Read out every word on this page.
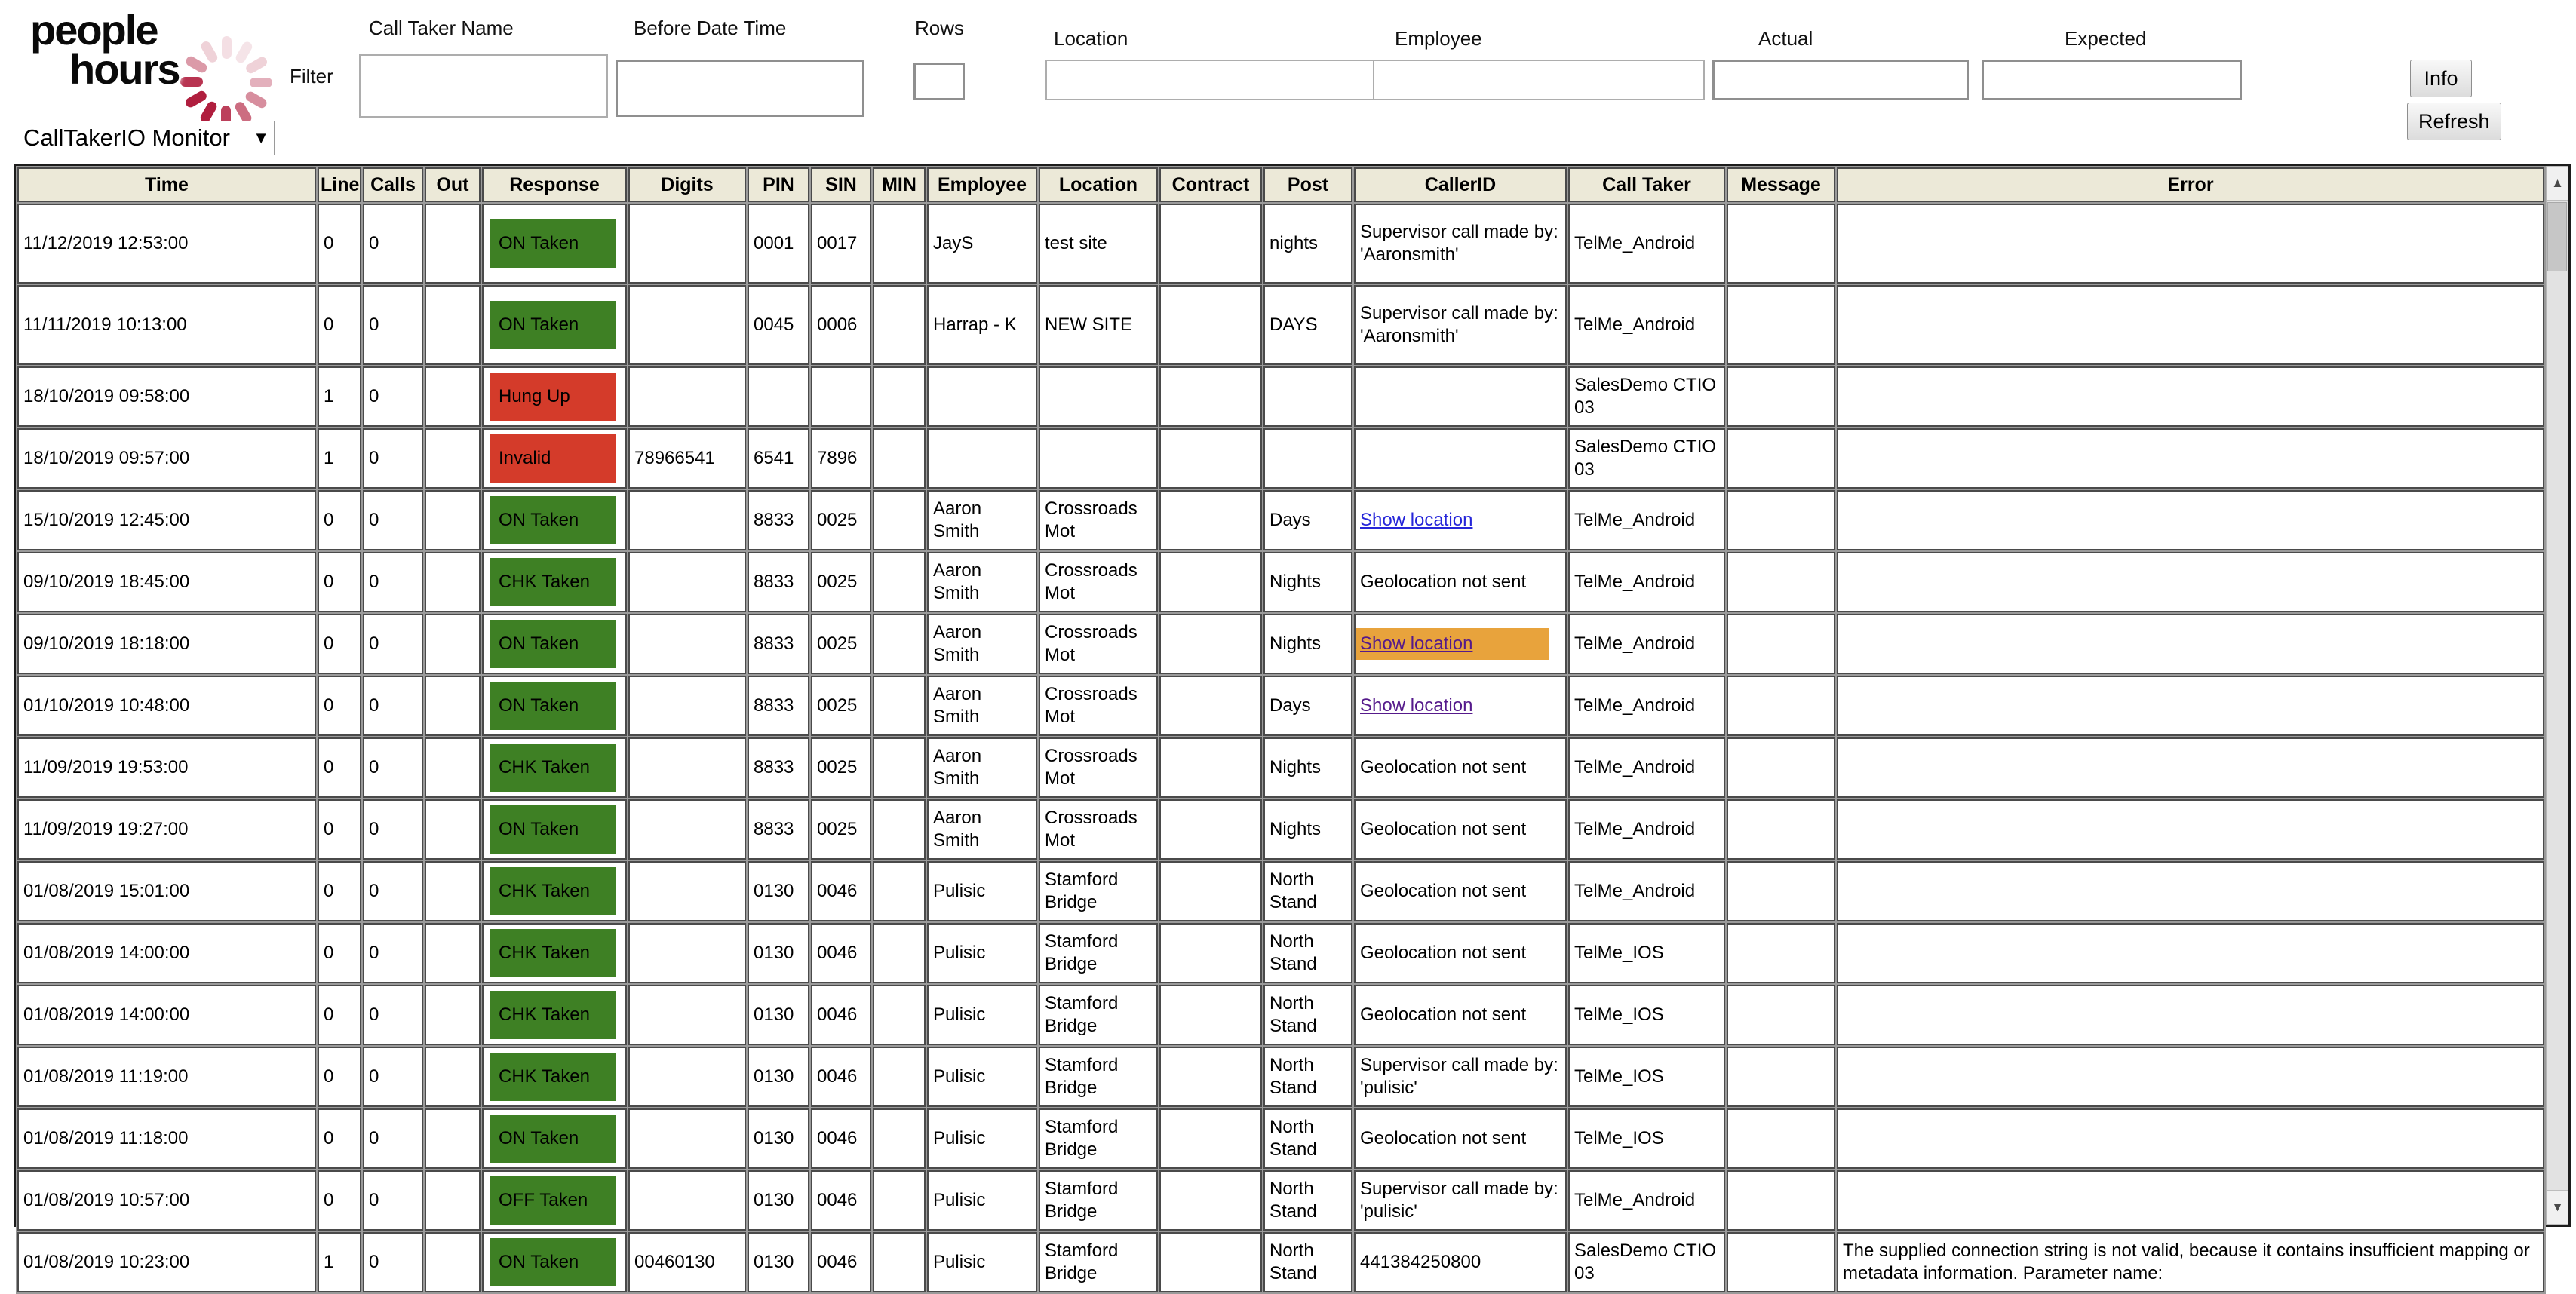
people
hours	Filter
Call Taker Name	Before Date Time	Rows	Location	Employee	Actual	Expected
Info
Refresh
CallTakerIO Monitor ▼
Time	Line	Calls	Out	Response	Digits	PIN	SIN	MIN	Employee	Location	Contract	Post	CallerID	Call Taker	Message	Error
11/12/2019 12:53:00	0	0		ON Taken		0001	0017		JayS	test site		nights	Supervisor call made by: 'Aaronsmith'	TelMe_Android		
11/11/2019 10:13:00	0	0		ON Taken		0045	0006		Harrap - K	NEW SITE		DAYS	Supervisor call made by: 'Aaronsmith'	TelMe_Android		
18/10/2019 09:58:00	1	0		Hung Up										SalesDemo CTIO 03		
18/10/2019 09:57:00	1	0		Invalid	78966541	6541	7896							SalesDemo CTIO 03		
15/10/2019 12:45:00	0	0		ON Taken		8833	0025		Aaron Smith	Crossroads Mot		Days	Show location	TelMe_Android		
09/10/2019 18:45:00	0	0		CHK Taken		8833	0025		Aaron Smith	Crossroads Mot		Nights	Geolocation not sent	TelMe_Android		
09/10/2019 18:18:00	0	0		ON Taken		8833	0025		Aaron Smith	Crossroads Mot		Nights	Show location	TelMe_Android		
01/10/2019 10:48:00	0	0		ON Taken		8833	0025		Aaron Smith	Crossroads Mot		Days	Show location	TelMe_Android		
11/09/2019 19:53:00	0	0		CHK Taken		8833	0025		Aaron Smith	Crossroads Mot		Nights	Geolocation not sent	TelMe_Android		
11/09/2019 19:27:00	0	0		ON Taken		8833	0025		Aaron Smith	Crossroads Mot		Nights	Geolocation not sent	TelMe_Android		
01/08/2019 15:01:00	0	0		CHK Taken		0130	0046		Pulisic	Stamford Bridge		North Stand	Geolocation not sent	TelMe_Android		
01/08/2019 14:00:00	0	0		CHK Taken		0130	0046		Pulisic	Stamford Bridge		North Stand	Geolocation not sent	TelMe_IOS		
01/08/2019 14:00:00	0	0		CHK Taken		0130	0046		Pulisic	Stamford Bridge		North Stand	Geolocation not sent	TelMe_IOS		
01/08/2019 11:19:00	0	0		CHK Taken		0130	0046		Pulisic	Stamford Bridge		North Stand	Supervisor call made by: 'pulisic'	TelMe_IOS		
01/08/2019 11:18:00	0	0		ON Taken		0130	0046		Pulisic	Stamford Bridge		North Stand	Geolocation not sent	TelMe_IOS		
01/08/2019 10:57:00	0	0		OFF Taken		0130	0046		Pulisic	Stamford Bridge		North Stand	Supervisor call made by: 'pulisic'	TelMe_Android		
01/08/2019 10:23:00	1	0		ON Taken	00460130	0130	0046		Pulisic	Stamford Bridge		North Stand	441384250800	SalesDemo CTIO 03		The supplied connection string is not valid, because it contains insufficient mapping or metadata information. Parameter name:
▲
▼
